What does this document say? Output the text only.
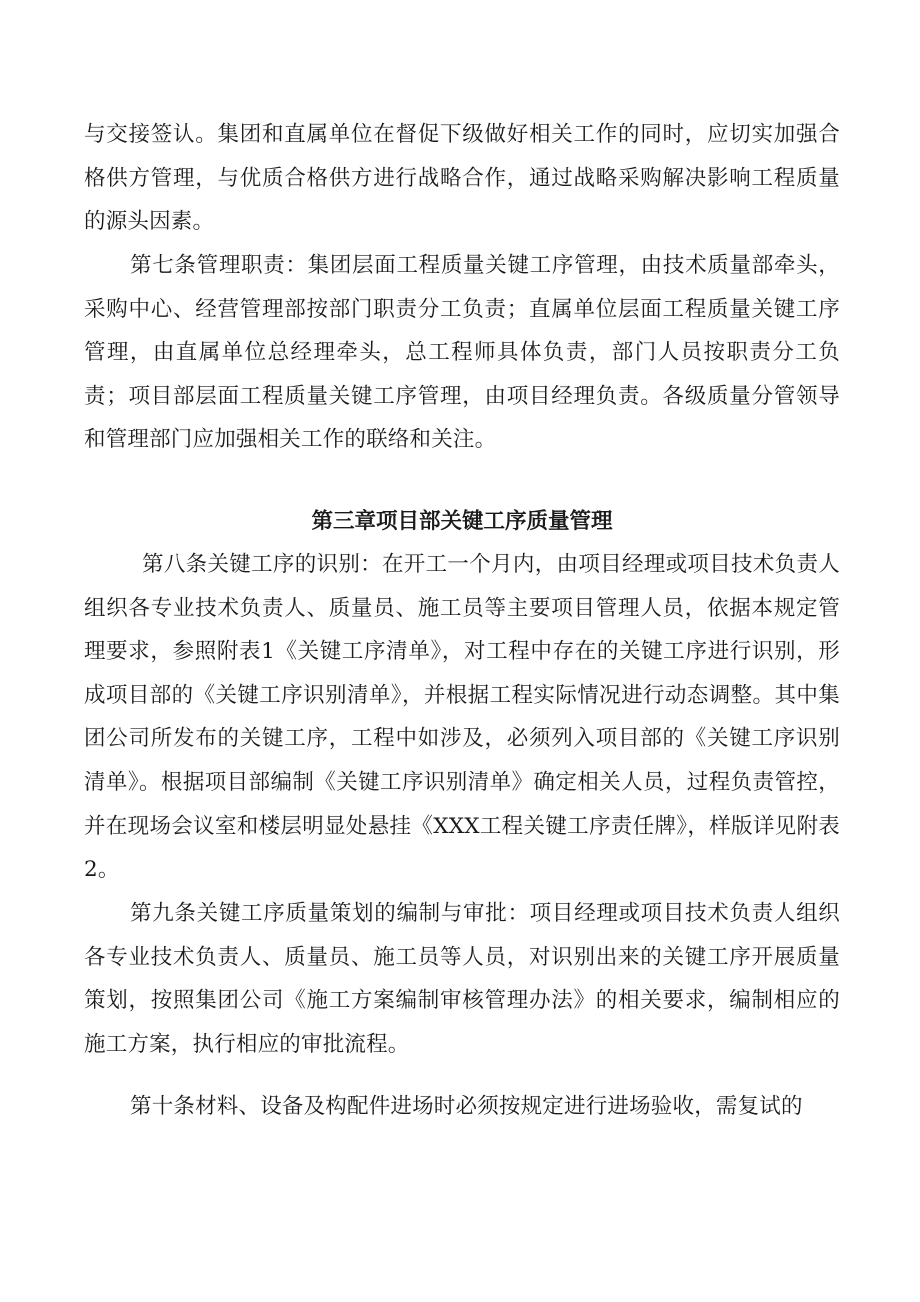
与交接签认。集团和直属单位在督促下级做好相关工作的同时，应切实加强合格供方管理，与优质合格供方进行战略合作，通过战略采购解决影响工程质量的源头因素。

第七条管理职责：集团层面工程质量关键工序管理，由技术质量部牵头，采购中心、经营管理部按部门职责分工负责；直属单位层面工程质量关键工序管理，由直属单位总经理牵头，总工程师具体负责，部门人员按职责分工负责；项目部层面工程质量关键工序管理，由项目经理负责。各级质量分管领导和管理部门应加强相关工作的联络和关注。

第三章项目部关键工序质量管理

第八条关键工序的识别：在开工一个月内，由项目经理或项目技术负责人组织各专业技术负责人、质量员、施工员等主要项目管理人员，依据本规定管理要求，参照附表1《关键工序清单》，对工程中存在的关键工序进行识别，形成项目部的《关键工序识别清单》，并根据工程实际情况进行动态调整。其中集团公司所发布的关键工序，工程中如涉及，必须列入项目部的《关键工序识别清单》。根据项目部编制《关键工序识别清单》确定相关人员，过程负责管控，并在现场会议室和楼层明显处悬挂《XXX工程关键工序责任牌》，样版详见附表2。

第九条关键工序质量策划的编制与审批：项目经理或项目技术负责人组织各专业技术负责人、质量员、施工员等人员，对识别出来的关键工序开展质量策划，按照集团公司《施工方案编制审核管理办法》的相关要求，编制相应的施工方案，执行相应的审批流程。

第十条材料、设备及构配件进场时必须按规定进行进场验收，需复试的
